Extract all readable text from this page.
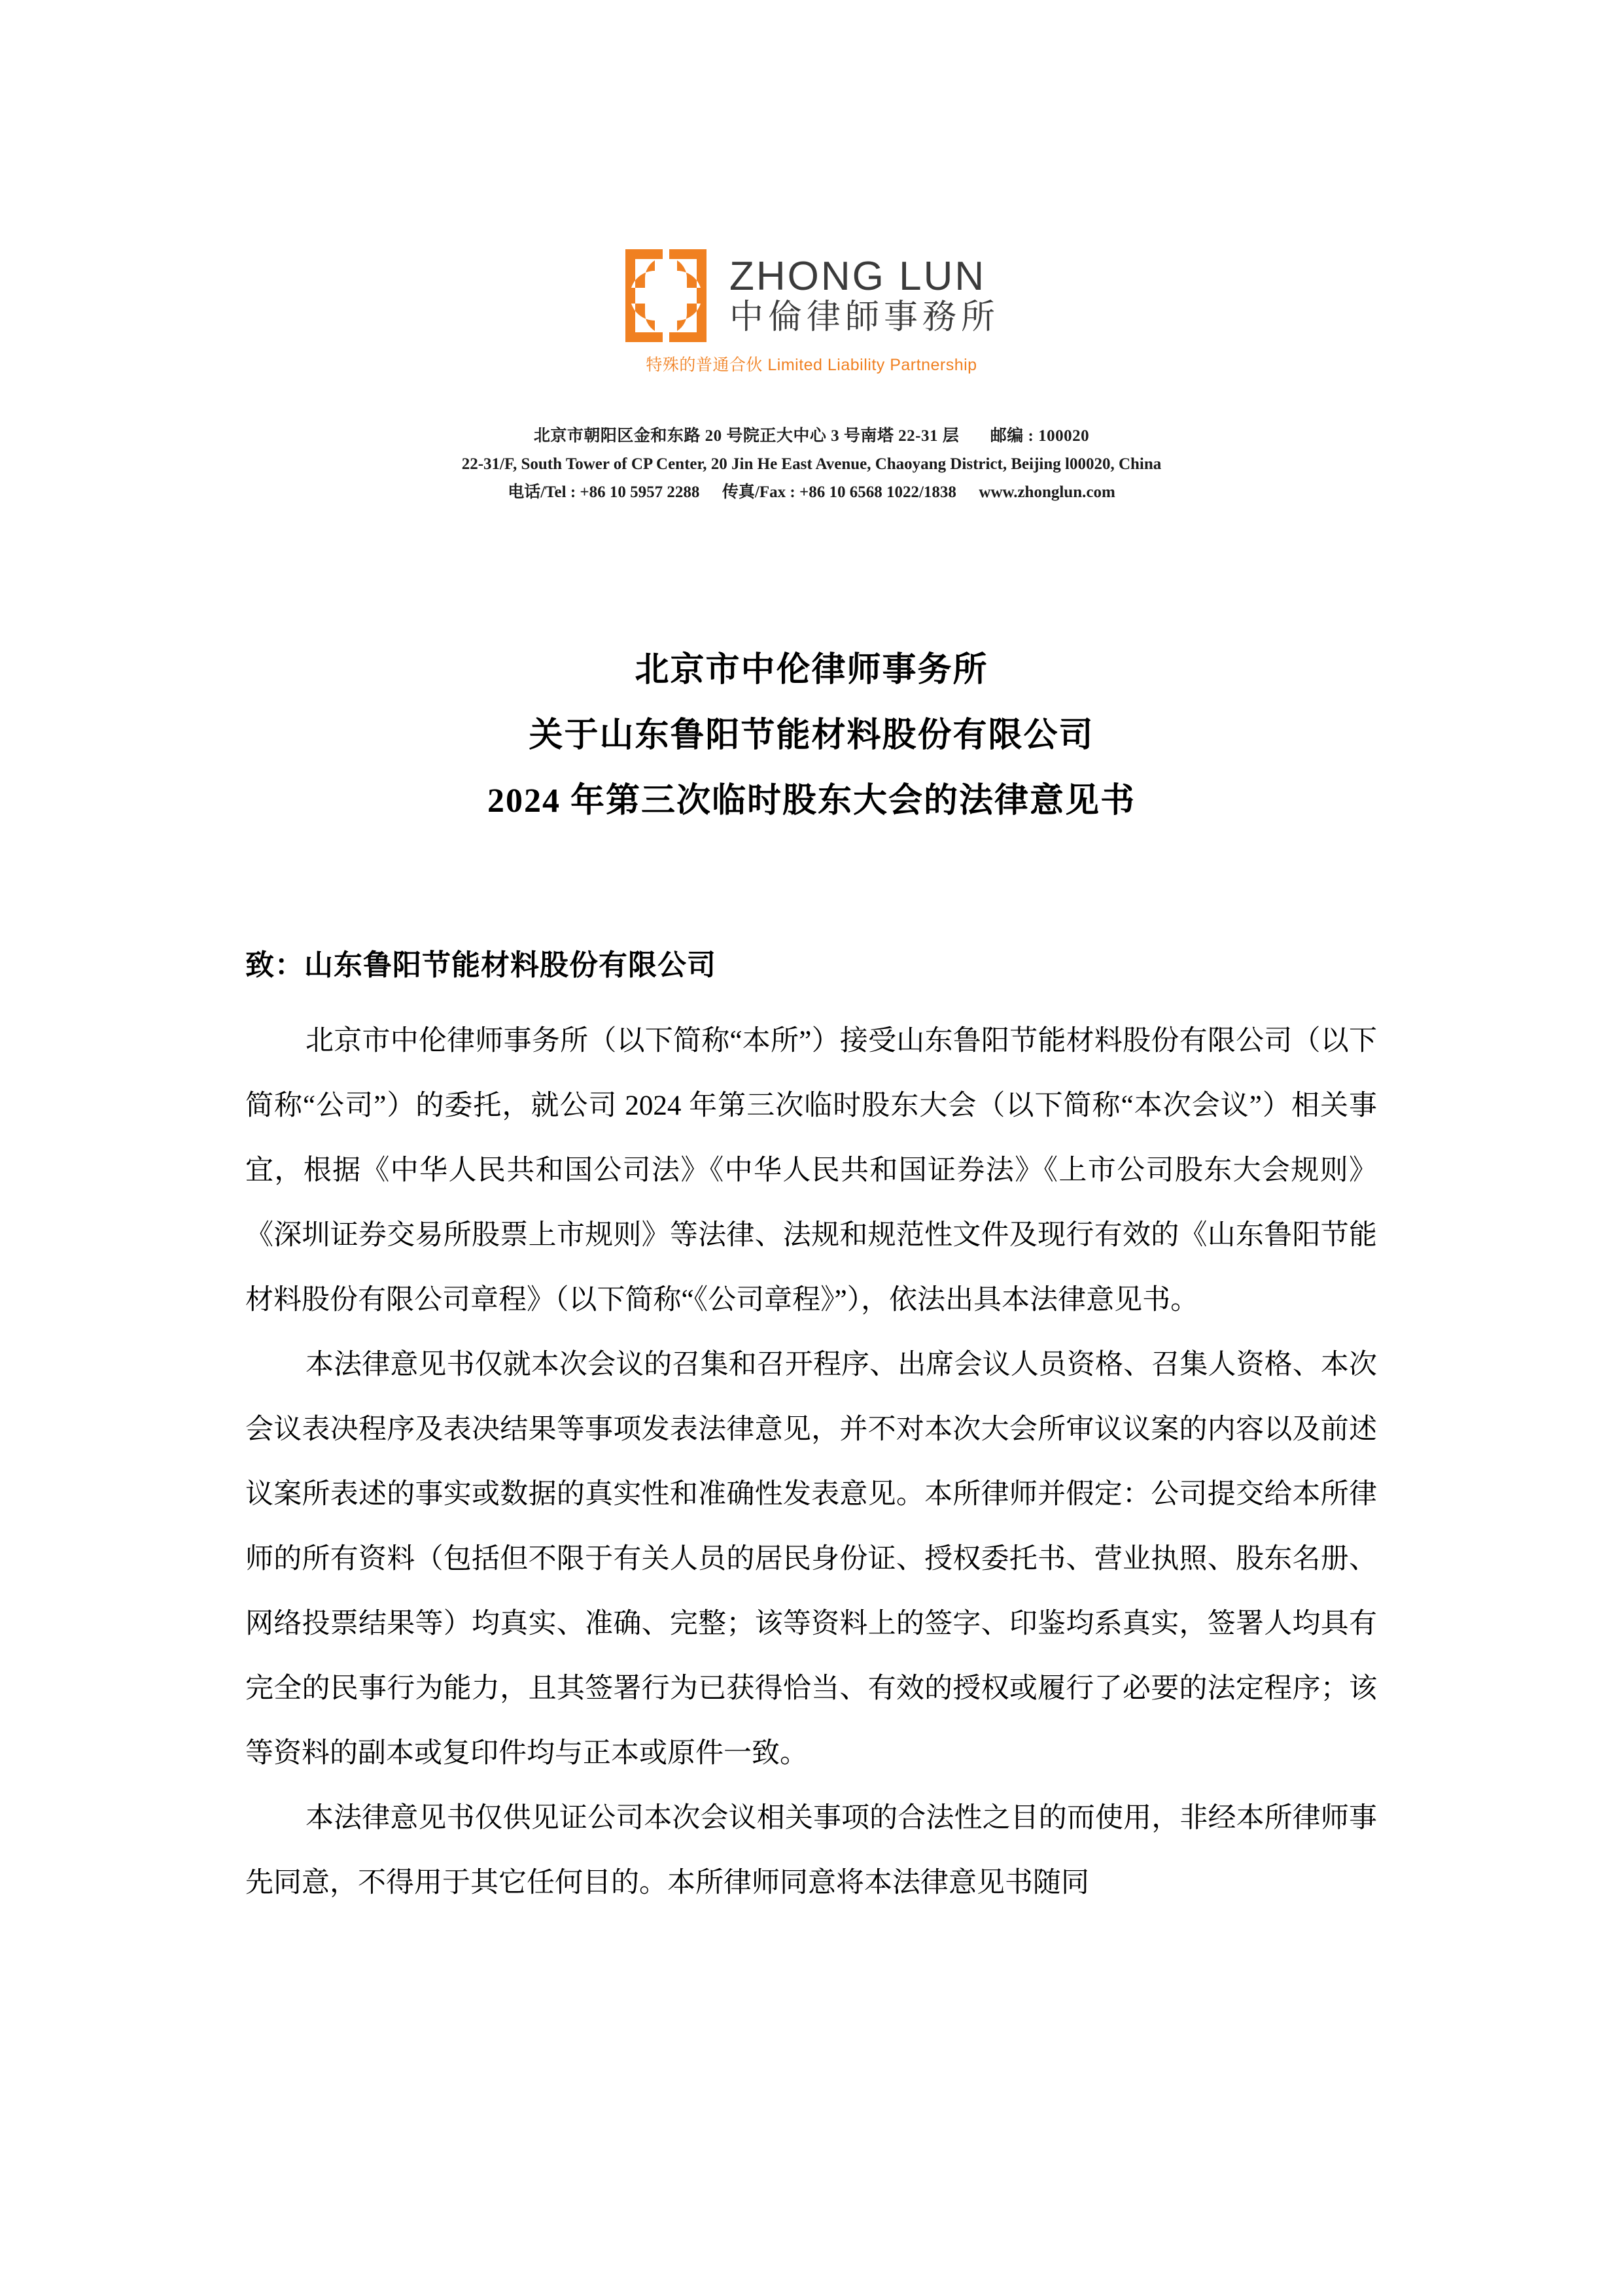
ZHONG LUN
中倫律師事務所
特殊的普通合伙 Limited Liability Partnership
北京市朝阳区金和东路 20 号院正大中心 3 号南塔 22-31 层 邮编 : 100020
22-31/F, South Tower of CP Center, 20 Jin He East Avenue, Chaoyang District, Beijing l00020, China
电话/Tel : +86 10 5957 2288 传真/Fax : +86 10 6568 1022/1838 www.zhonglun.com
北京市中伦律师事务所
关于山东鲁阳节能材料股份有限公司
2024 年第三次临时股东大会的法律意见书
致：山东鲁阳节能材料股份有限公司

北京市中伦律师事务所（以下简称“本所”）接受山东鲁阳节能材料股份有限公司（以下简称“公司”）的委托，就公司 2024 年第三次临时股东大会（以下简称“本次会议”）相关事宜，根据《中华人民共和国公司法》《中华人民共和国证券法》《上市公司股东大会规则》《深圳证券交易所股票上市规则》等法律、法规和规范性文件及现行有效的《山东鲁阳节能材料股份有限公司章程》（以下简称“《公司章程》”），依法出具本法律意见书。

本法律意见书仅就本次会议的召集和召开程序、出席会议人员资格、召集人资格、本次会议表决程序及表决结果等事项发表法律意见，并不对本次大会所审议议案的内容以及前述议案所表述的事实或数据的真实性和准确性发表意见。本所律师并假定：公司提交给本所律师的所有资料（包括但不限于有关人员的居民身份证、授权委托书、营业执照、股东名册、网络投票结果等）均真实、准确、完整；该等资料上的签字、印鉴均系真实，签署人均具有完全的民事行为能力，且其签署行为已获得恰当、有效的授权或履行了必要的法定程序；该等资料的副本或复印件均与正本或原件一致。

本法律意见书仅供见证公司本次会议相关事项的合法性之目的而使用，非经本所律师事先同意，不得用于其它任何目的。本所律师同意将本法律意见书随同
